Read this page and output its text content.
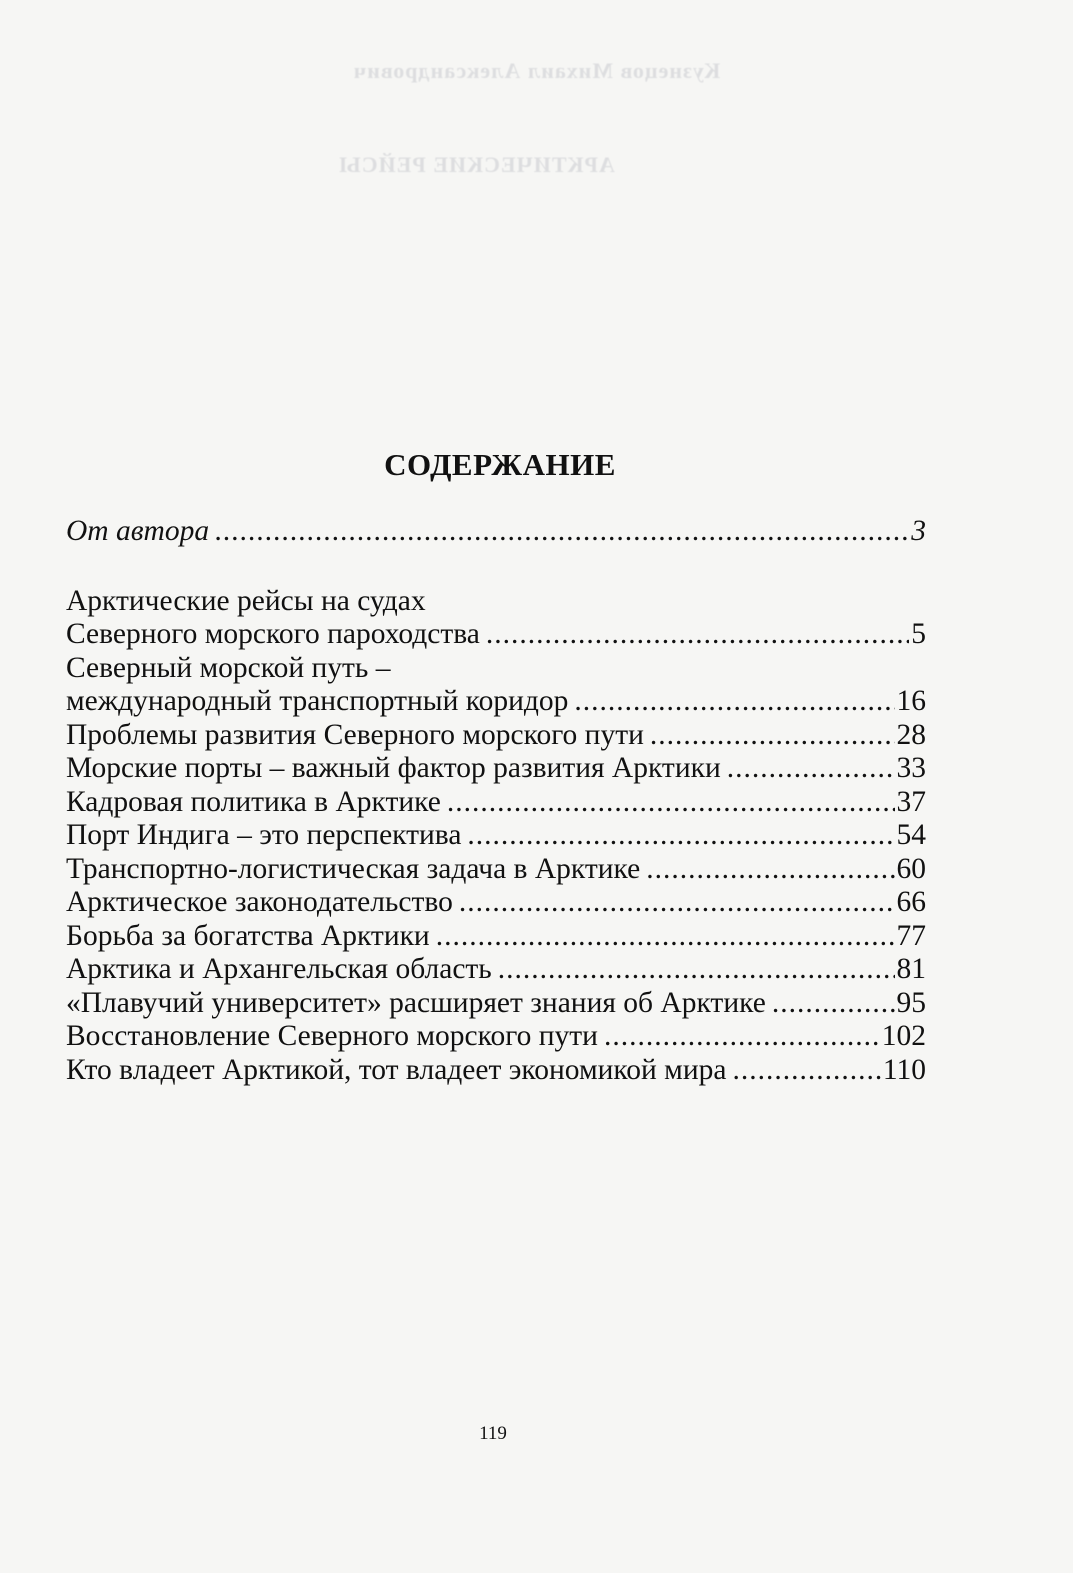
Кузнецов Михаил Александрович
АРКТИЧЕСКИЕ РЕЙСЫ
СОДЕРЖАНИЕ
От автора .....	3
Арктические рейсы на судах
Северного морского пароходства .....	5
Северный морской путь –
международный транспортный коридор .....	16
Проблемы развития Северного морского пути .....	28
Морские порты – важный фактор развития Арктики .....	33
Кадровая политика в Арктике .....	37
Порт Индига – это перспектива .....	54
Транспортно-логистическая задача в Арктике .....	60
Арктическое законодательство .....	66
Борьба за богатства Арктики .....	77
Арктика и Архангельская область .....	81
«Плавучий университет» расширяет знания об Арктике .....	95
Восстановление Северного морского пути .....	102
Кто владеет Арктикой, тот владеет экономикой мира .....	110
119
